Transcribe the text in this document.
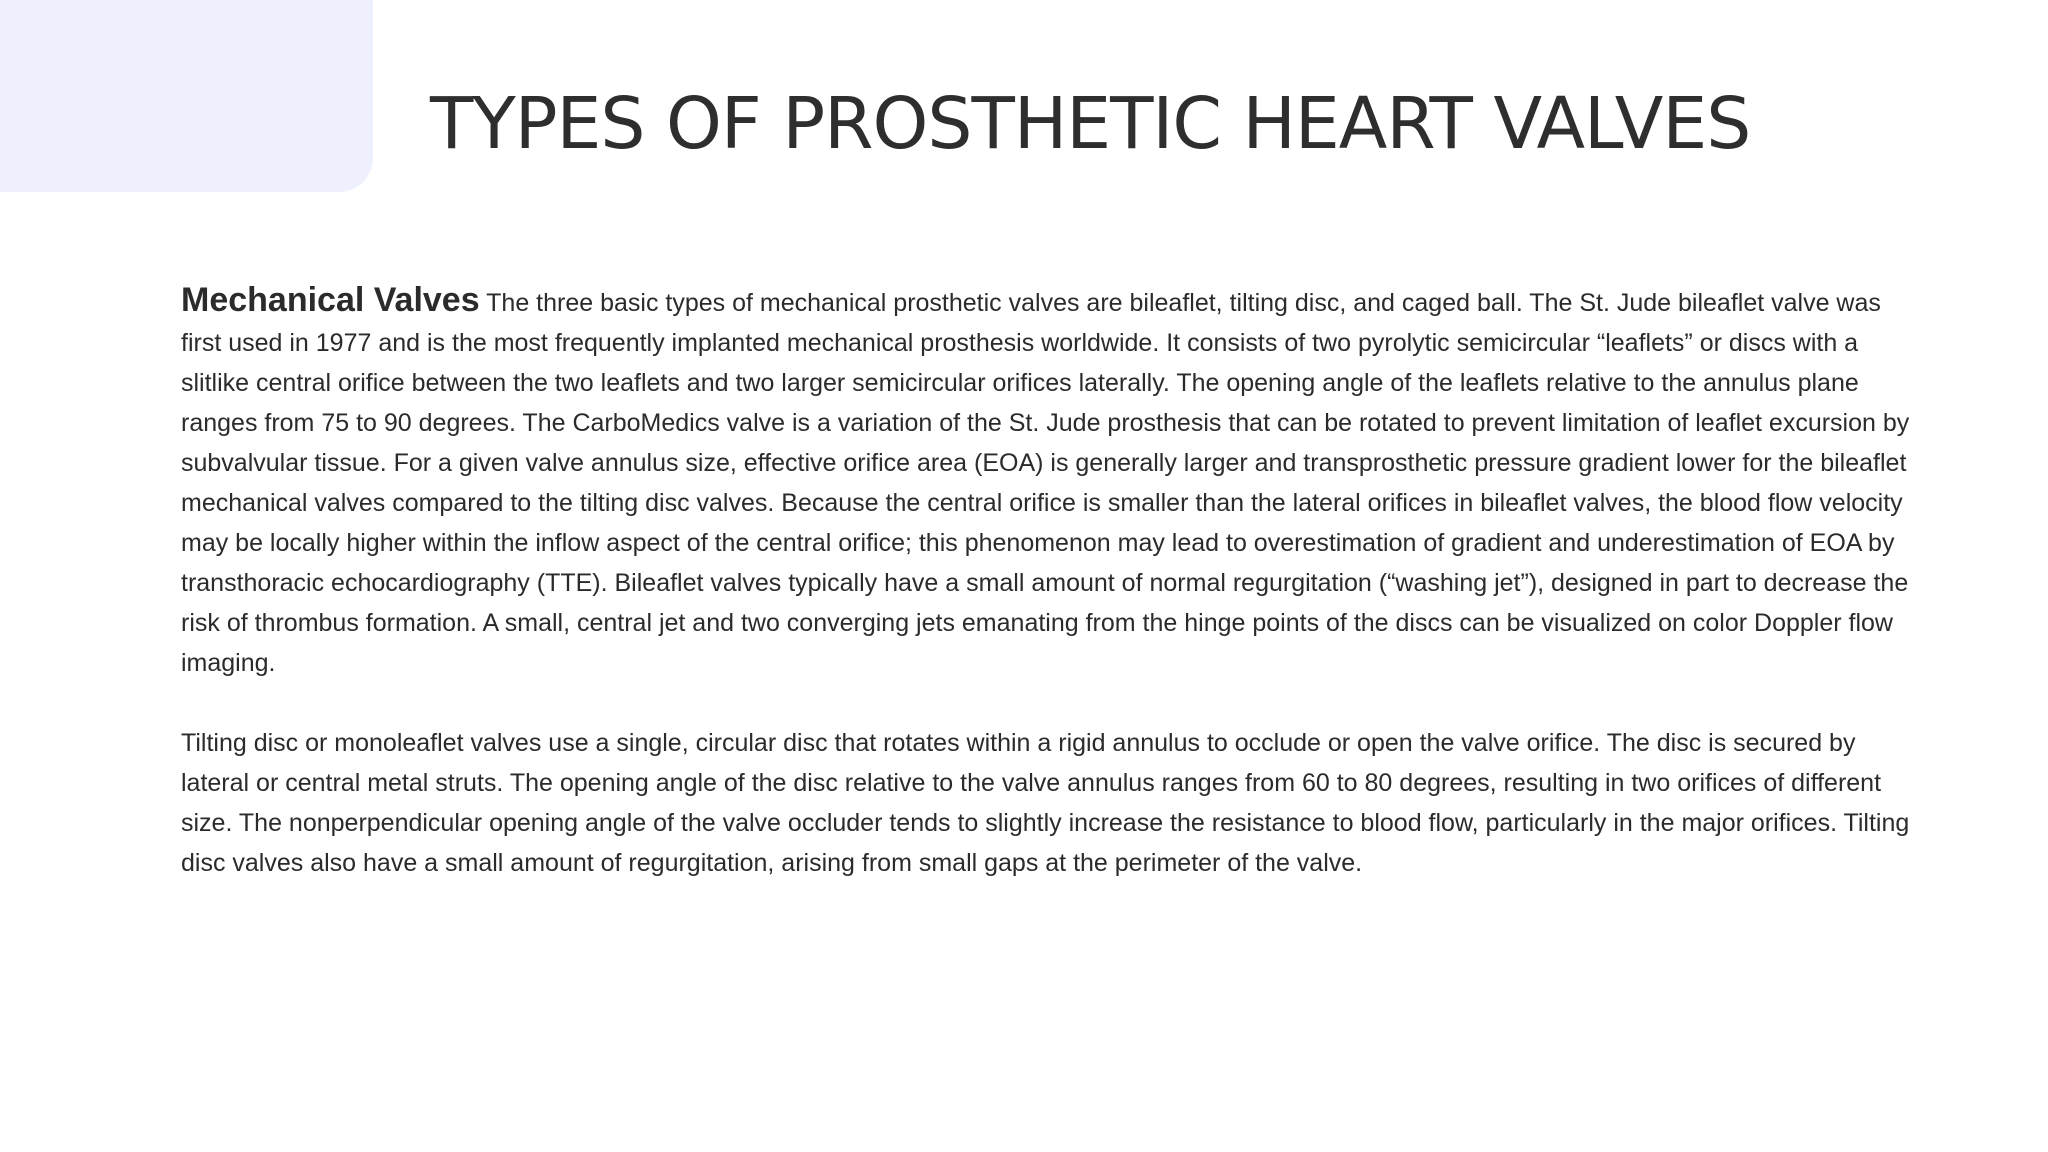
TYPES OF PROSTHETIC HEART VALVES

Mechanical Valves The three basic types of mechanical prosthetic valves are bileaflet, tilting disc, and caged ball. The St. Jude bileaflet valve was first used in 1977 and is the most frequently implanted mechanical prosthesis worldwide. It consists of two pyrolytic semicircular “leaflets” or discs with a slitlike central orifice between the two leaflets and two larger semicircular orifices laterally. The opening angle of the leaflets relative to the annulus plane ranges from 75 to 90 degrees. The CarboMedics valve is a variation of the St. Jude prosthesis that can be rotated to prevent limitation of leaflet excursion by subvalvular tissue. For a given valve annulus size, effective orifice area (EOA) is generally larger and transprosthetic pressure gradient lower for the bileaflet mechanical valves compared to the tilting disc valves. Because the central orifice is smaller than the lateral orifices in bileaflet valves, the blood flow velocity may be locally higher within the inflow aspect of the central orifice; this phenomenon may lead to overestimation of gradient and underestimation of EOA by transthoracic echocardiography (TTE). Bileaflet valves typically have a small amount of normal regurgitation (“washing jet”), designed in part to decrease the risk of thrombus formation. A small, central jet and two converging jets emanating from the hinge points of the discs can be visualized on color Doppler flow imaging.

Tilting disc or monoleaflet valves use a single, circular disc that rotates within a rigid annulus to occlude or open the valve orifice. The disc is secured by lateral or central metal struts. The opening angle of the disc relative to the valve annulus ranges from 60 to 80 degrees, resulting in two orifices of different size. The nonperpendicular opening angle of the valve occluder tends to slightly increase the resistance to blood flow, particularly in the major orifices. Tilting disc valves also have a small amount of regurgitation, arising from small gaps at the perimeter of the valve.
